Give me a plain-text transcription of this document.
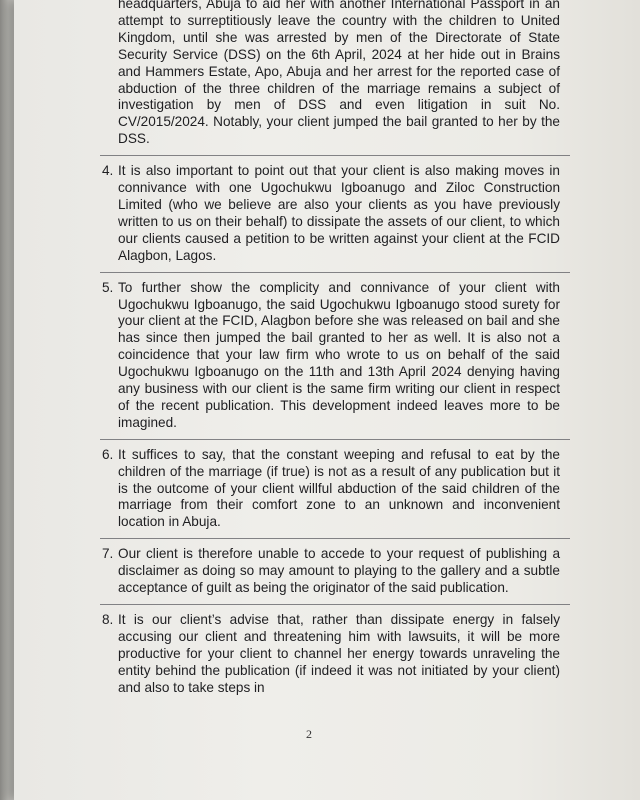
headquarters, Abuja to aid her with another International Passport in an attempt to surreptitiously leave the country with the children to United Kingdom, until she was arrested by men of the Directorate of State Security Service (DSS) on the 6th April, 2024 at her hide out in Brains and Hammers Estate, Apo, Abuja and her arrest for the reported case of abduction of the three children of the marriage remains a subject of investigation by men of DSS and even litigation in suit No. CV/2015/2024. Notably, your client jumped the bail granted to her by the DSS.

4. It is also important to point out that your client is also making moves in connivance with one Ugochukwu Igboanugo and Ziloc Construction Limited (who we believe are also your clients as you have previously written to us on their behalf) to dissipate the assets of our client, to which our clients caused a petition to be written against your client at the FCID Alagbon, Lagos.

5. To further show the complicity and connivance of your client with Ugochukwu Igboanugo, the said Ugochukwu Igboanugo stood surety for your client at the FCID, Alagbon before she was released on bail and she has since then jumped the bail granted to her as well. It is also not a coincidence that your law firm who wrote to us on behalf of the said Ugochukwu Igboanugo on the 11th and 13th April 2024 denying having any business with our client is the same firm writing our client in respect of the recent publication. This development indeed leaves more to be imagined.

6. It suffices to say, that the constant weeping and refusal to eat by the children of the marriage (if true) is not as a result of any publication but it is the outcome of your client willful abduction of the said children of the marriage from their comfort zone to an unknown and inconvenient location in Abuja.

7. Our client is therefore unable to accede to your request of publishing a disclaimer as doing so may amount to playing to the gallery and a subtle acceptance of guilt as being the originator of the said publication.

8. It is our client’s advise that, rather than dissipate energy in falsely accusing our client and threatening him with lawsuits, it will be more productive for your client to channel her energy towards unraveling the entity behind the publication (if indeed it was not initiated by your client) and also to take steps in

2
